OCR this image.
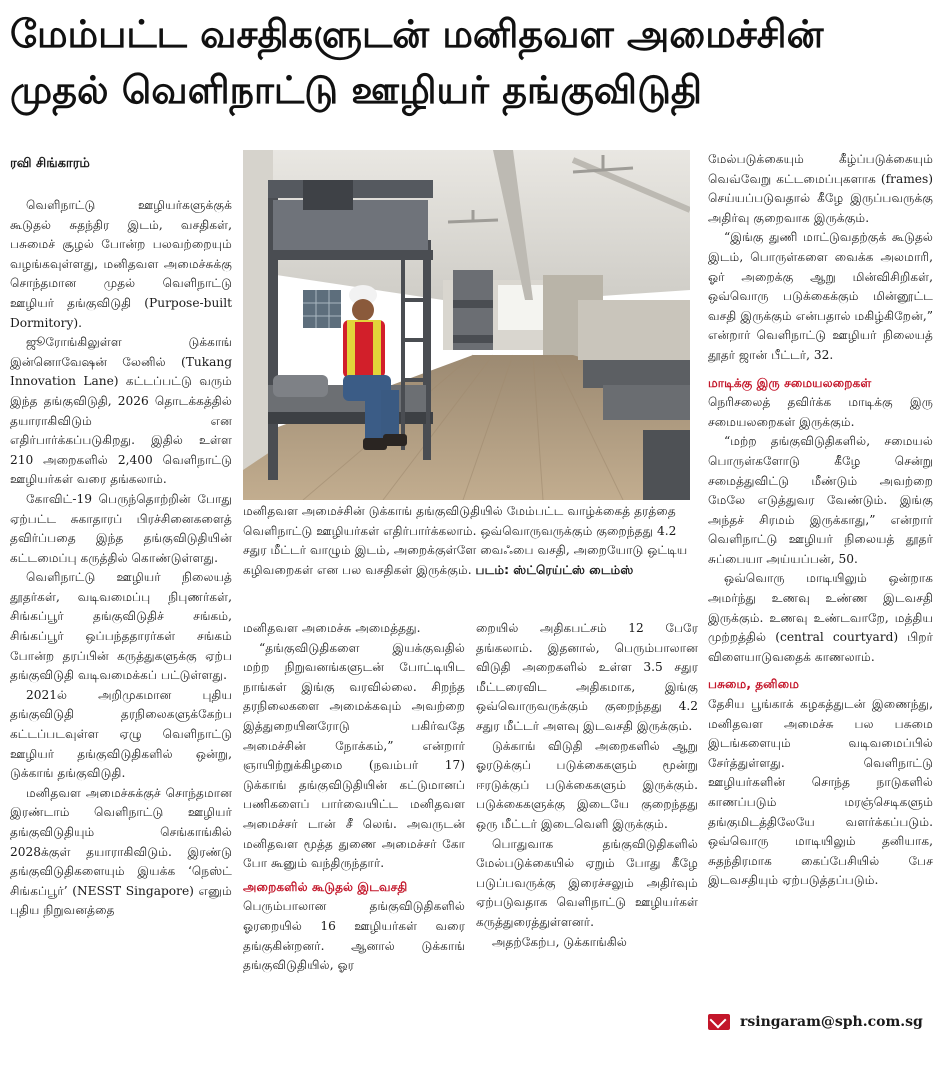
மேம்பட்ட வசதிகளுடன் மனிதவள அமைச்சின்
முதல் வெளிநாட்டு ஊழியர் தங்குவிடுதி
ரவி சிங்காரம்

வெளிநாட்டு ஊழியர்களுக்குக் கூடுதல் சுதந்திர இடம், வசதிகள், பசுமைச் சூழல் போன்ற பலவற்றையும் வழங்கவுள்ளது, மனிதவள அமைச்சுக்கு சொந்தமான முதல் வெளிநாட்டு ஊழியர் தங்குவிடுதி (Purpose-built Dormitory).

ஜூரோங்கிலுள்ள டுக்காங் இன்னொவேஷன் லேனில் (Tukang Innovation Lane) கட்டப்பட்டு வரும் இந்த தங்குவிடுதி, 2026 தொடக்கத்தில் தயாராகிவிடும் என எதிர்பார்க்கப்படுகிறது. இதில் உள்ள 210 அறைகளில் 2,400 வெளிநாட்டு ஊழியர்கள் வரை தங்கலாம்.

கோவிட்-19 பெருந்தொற்றின் போது ஏற்பட்ட சுகாதாரப் பிரச்சினைகளைத் தவிர்ப்பதை இந்த தங்குவிடுதியின் கட்டமைப்பு கருத்தில் கொண்டுள்ளது.

வெளிநாட்டு ஊழியர் நிலையத் தூதர்கள், வடிவமைப்பு நிபுணர்கள், சிங்கப்பூர் தங்குவிடுதிச் சங்கம், சிங்கப்பூர் ஒப்பந்ததாரர்கள் சங்கம் போன்ற தரப்பின் கருத்துகளுக்கு ஏற்ப தங்குவிடுதி வடிவமைக்கப் பட்டுள்ளது.

2021ல் அறிமுகமான புதிய தங்குவிடுதி தரநிலைகளுக்கேற்ப கட்டப்படவுள்ள ஏழு வெளிநாட்டு ஊழியர் தங்குவிடுதிகளில் ஒன்று, டுக்காங் தங்குவிடுதி.

மனிதவள அமைச்சுக்குச் சொந்தமான இரண்டாம் வெளிநாட்டு ஊழியர் தங்குவிடுதியும் செங்காங்கில் 2028க்குள் தயாராகிவிடும். இரண்டு தங்குவிடுதிகளையும் இயக்க ‘நெஸ்ட் சிங்கப்பூர்’ (NESST Singapore) எனும் புதிய நிறுவனத்தை

மனிதவள அமைச்சின் டுக்காங் தங்குவிடுதியில் மேம்பட்ட வாழ்க்கைத் தரத்தை வெளிநாட்டு ஊழியர்கள் எதிர்பார்க்கலாம். ஒவ்வொருவருக்கும் குறைந்தது 4.2 சதுர மீட்டர் வாழும் இடம், அறைக்குள்ளே வைஃபை வசதி, அறையோடு ஒட்டிய கழிவறைகள் என பல வசதிகள் இருக்கும். படம்: ஸ்ட்ரெய்ட்ஸ் டைம்ஸ்

மனிதவள அமைச்சு அமைத்தது.

“தங்குவிடுதிகளை இயக்குவதில் மற்ற நிறுவனங்களுடன் போட்டியிட நாங்கள் இங்கு வரவில்லை. சிறந்த தரநிலைகளை அமைக்கவும் அவற்றை இத்துறையினரோடு பகிர்வதே அமைச்சின் நோக்கம்,” என்றார் ஞாயிற்றுக்கிழமை (நவம்பர் 17) டுக்காங் தங்குவிடுதியின் கட்டுமானப் பணிகளைப் பார்வையிட்ட மனிதவள அமைச்சர் டான் சீ லெங். அவருடன் மனிதவள மூத்த துணை அமைச்சர் கோ போ கூனும் வந்திருந்தார்.

அறைகளில் கூடுதல் இடவசதி

பெரும்பாலான தங்குவிடுதிகளில் ஓரறையில் 16 ஊழியர்கள் வரை தங்குகின்றனர். ஆனால் டுக்காங் தங்குவிடுதியில், ஓர

றையில் அதிகபட்சம் 12 பேரே தங்கலாம். இதனால், பெரும்பாலான விடுதி அறைகளில் உள்ள 3.5 சதுர மீட்டரைவிட அதிகமாக, இங்கு ஒவ்வொருவருக்கும் குறைந்தது 4.2 சதுர மீட்டர் அளவு இடவசதி இருக்கும்.

டுக்காங் விடுதி அறைகளில் ஆறு ஓரடுக்குப் படுக்கைகளும் மூன்று ஈரடுக்குப் படுக்கைகளும் இருக்கும். படுக்கைகளுக்கு இடையே குறைந்தது ஒரு மீட்டர் இடைவெளி இருக்கும்.

பொதுவாக தங்குவிடுதிகளில் மேல்படுக்கையில் ஏறும் போது கீழே படுப்பவருக்கு இரைச்சலும் அதிர்வும் ஏற்படுவதாக வெளிநாட்டு ஊழியர்கள் கருத்துரைத்துள்ளனர்.

அதற்கேற்ப, டுக்காங்கில்

மேல்படுக்கையும் கீழ்ப்படுக்கையும் வெவ்வேறு கட்டமைப்புகளாக (frames) செய்யப்படுவதால் கீழே இருப்பவருக்கு அதிர்வு குறைவாக இருக்கும்.

“இங்கு துணி மாட்டுவதற்குக் கூடுதல் இடம், பொருள்களை வைக்க அலமாரி, ஓர் அறைக்கு ஆறு மின்விசிறிகள், ஒவ்வொரு படுக்கைக்கும் மின்னூட்ட வசதி இருக்கும் என்பதால் மகிழ்கிறேன்,” என்றார் வெளிநாட்டு ஊழியர் நிலையத் தூதர் ஜான் பீட்டர், 32.

மாடிக்கு இரு சமையலறைகள்

நெரிசலைத் தவிர்க்க மாடிக்கு இரு சமையலறைகள் இருக்கும்.

“மற்ற தங்குவிடுதிகளில், சமையல் பொருள்களோடு கீழே சென்று சமைத்துவிட்டு மீண்டும் அவற்றை மேலே எடுத்துவர வேண்டும். இங்கு அந்தச் சிரமம் இருக்காது,” என்றார் வெளிநாட்டு ஊழியர் நிலையத் தூதர் சுப்பையா அய்யப்பன், 50.

ஒவ்வொரு மாடியிலும் ஒன்றாக அமர்ந்து உணவு உண்ண இடவசதி இருக்கும். உணவு உண்டவாறே, மத்திய முற்றத்தில் (central courtyard) பிறர் விளையாடுவதைக் காணலாம்.

பசுமை, தனிமை

தேசிய பூங்காக் கழகத்துடன் இணைந்து, மனிதவள அமைச்சு பல பசுமை இடங்களையும் வடிவமைப்பில் சேர்த்துள்ளது. வெளிநாட்டு ஊழியர்களின் சொந்த நாடுகளில் காணப்படும் மரஞ்செடிகளும் தங்குமிடத்திலேயே வளர்க்கப்படும். ஒவ்வொரு மாடியிலும் தனியாக, சுதந்திரமாக கைப்பேசியில் பேச இடவசதியும் ஏற்படுத்தப்படும்.

rsingaram@sph.com.sg
